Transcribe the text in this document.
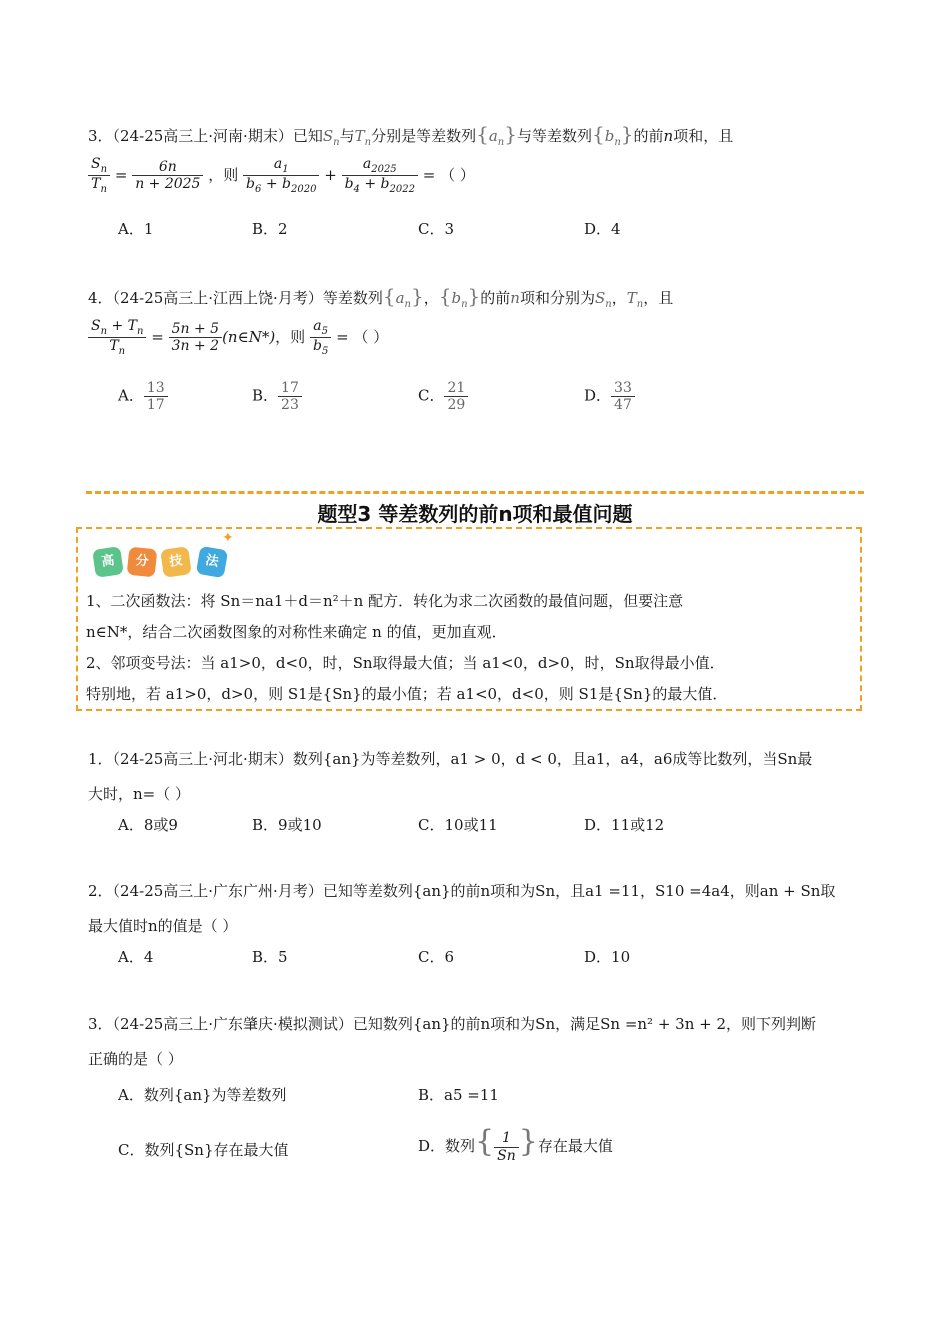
3．（24-25高三上·河南·期末）已知$S_n$与$T_n$分别是等差数列$\{a_n\}$与等差数列$\{b_n\}$的前n项和，且
$\frac{S_n}{T_n} = \frac{6n}{n + 2025}$ ，则 $\frac{a_1}{b_6 + b_{2020}} + \frac{a_{2025}}{b_4 + b_{2022}}$ = （ ）
A．1	B．2	C．3	D．4
4．（24-25高三上·江西上饶·月考）等差数列$\{a_n\}$，$\{b_n\}$的前n项和分别为$S_n$，$T_n$，且
$\frac{S_n + T_n}{T_n} = \frac{5n + 5}{3n + 2}$ (n∈N*)，则 $\frac{a_5}{b_5}$ = （ ）
A． $\frac{13}{17}$	B． $\frac{17}{23}$	C． $\frac{21}{29}$	D． $\frac{33}{47}$
题型3 等差数列的前n项和最值问题
高	分	技	法
✦
1、二次函数法：将 Sn＝na1＋d＝n²＋n 配方．转化为求二次函数的最值问题，但要注意
n∈N*，结合二次函数图象的对称性来确定 n 的值，更加直观．
2、邻项变号法：当 a1>0，d<0，时，Sn取得最大值；当 a1<0，d>0，时，Sn取得最小值．
特别地，若 a1>0，d>0，则 S1是{Sn}的最小值；若 a1<0，d<0，则 S1是{Sn}的最大值．
1．（24-25高三上·河北·期末）数列{an}为等差数列，a1 > 0，d < 0，且a1，a4，a6成等比数列，当Sn最
大时，n=（ ）
A．8或9	B．9或10	C．10或11	D．11或12
2．（24-25高三上·广东广州·月考）已知等差数列{an}的前n项和为Sn，且a1 =11，S10 =4a4，则an + Sn取
最大值时n的值是（ ）
A．4	B．5	C．6	D．10
3．（24-25高三上·广东肇庆·模拟测试）已知数列{an}的前n项和为Sn，满足Sn =n² + 3n + 2，则下列判断
正确的是（ ）
A．数列{an}为等差数列	B．a5 =11
C．数列{Sn}存在最大值	D．数列{ $\frac{1}{Sn}$ }存在最大值
